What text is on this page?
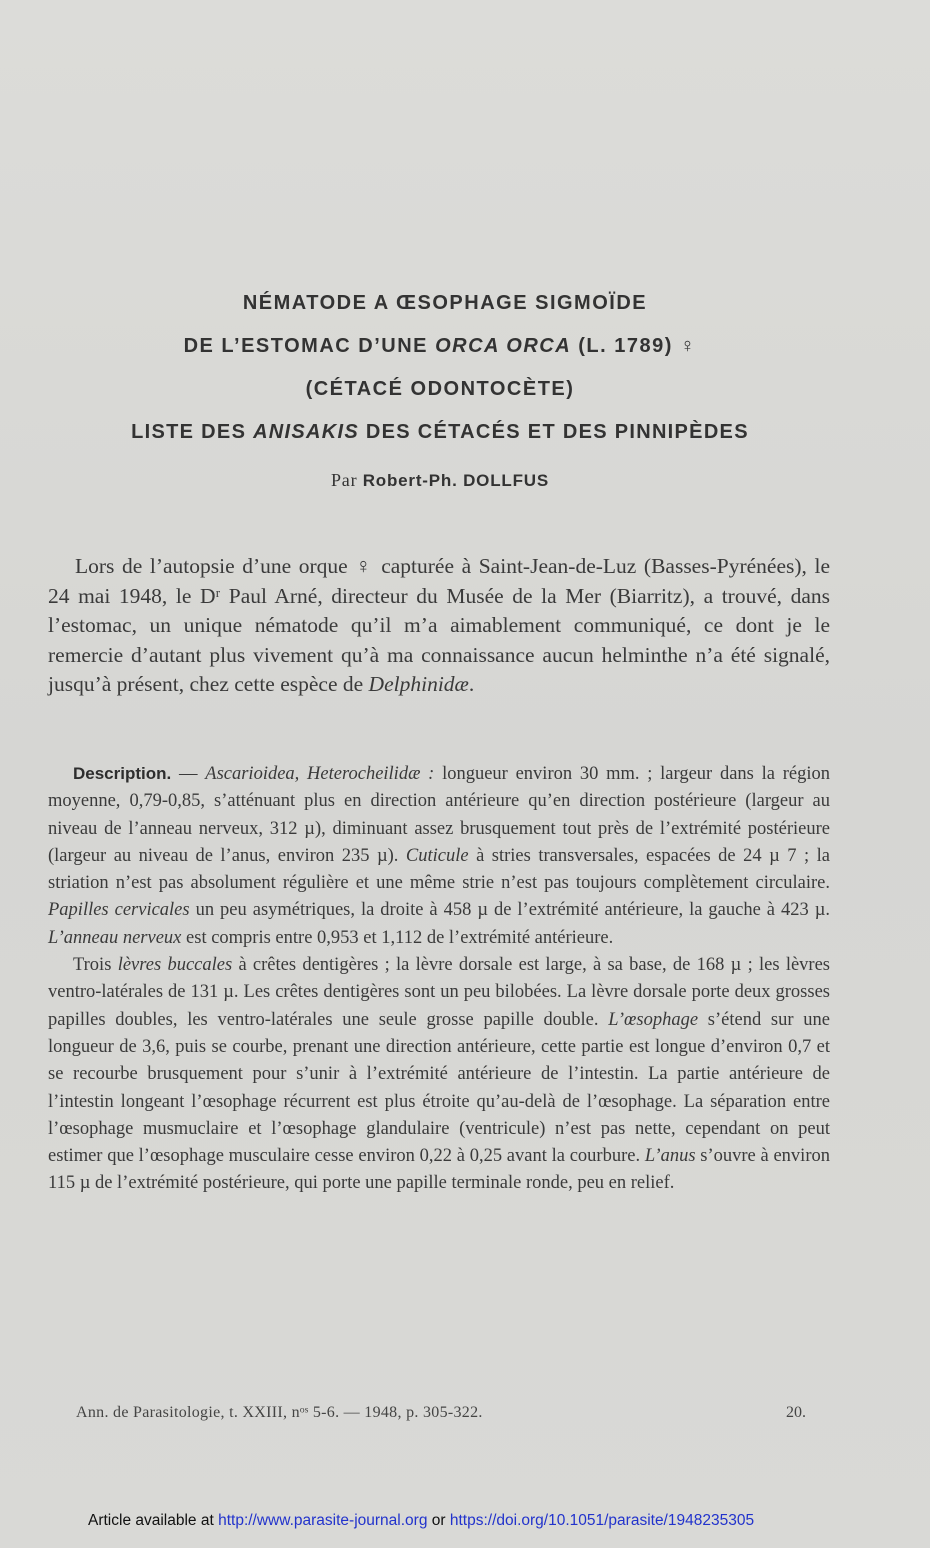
NÉMATODE A ŒSOPHAGE SIGMOÏDE
DE L’ESTOMAC D’UNE ORCA ORCA (L. 1789) ♀
(CÉTACÉ ODONTOCÈTE)
LISTE DES ANISAKIS DES CÉTACÉS ET DES PINNIPÈDES
Par Robert-Ph. DOLLFUS

Lors de l’autopsie d’une orque ♀ capturée à Saint-Jean-de-Luz (Basses-Pyrénées), le 24 mai 1948, le Dʳ Paul Arné, directeur du Musée de la Mer (Biarritz), a trouvé, dans l’estomac, un unique nématode qu’il m’a aimablement communiqué, ce dont je le remercie d’autant plus vivement qu’à ma connaissance aucun helminthe n’a été signalé, jusqu’à présent, chez cette espèce de Delphinidæ.

Description. — Ascarioidea, Heterocheilidæ : longueur environ 30 mm. ; largeur dans la région moyenne, 0,79-0,85, s’atténuant plus en direction antérieure qu’en direction postérieure (largeur au niveau de l’anneau nerveux, 312 µ), diminuant assez brusquement tout près de l’extrémité postérieure (largeur au niveau de l’anus, environ 235 µ). Cuticule à stries transversales, espacées de 24 µ 7 ; la striation n’est pas absolument régulière et une même strie n’est pas toujours complètement circulaire. Papilles cervicales un peu asymétriques, la droite à 458 µ de l’extrémité antérieure, la gauche à 423 µ. L’anneau nerveux est compris entre 0,953 et 1,112 de l’extrémité antérieure.

Trois lèvres buccales à crêtes dentigères ; la lèvre dorsale est large, à sa base, de 168 µ ; les lèvres ventro-latérales de 131 µ. Les crêtes dentigères sont un peu bilobées. La lèvre dorsale porte deux grosses papilles doubles, les ventro-latérales une seule grosse papille double. L’œsophage s’étend sur une longueur de 3,6, puis se courbe, prenant une direction antérieure, cette partie est longue d’environ 0,7 et se recourbe brusquement pour s’unir à l’extrémité antérieure de l’intestin. La partie antérieure de l’intestin longeant l’œsophage récurrent est plus étroite qu’au-delà de l’œsophage. La séparation entre l’œsophage musmuclaire et l’œsophage glandulaire (ventricule) n’est pas nette, cependant on peut estimer que l’œsophage musculaire cesse environ 0,22 à 0,25 avant la courbure. L’anus s’ouvre à environ 115 µ de l’extrémité postérieure, qui porte une papille terminale ronde, peu en relief.

Ann. de Parasitologie, t. XXIII, nᵒˢ 5-6. — 1948, p. 305-322.	20.
Article available at http://www.parasite-journal.org or https://doi.org/10.1051/parasite/1948235305
